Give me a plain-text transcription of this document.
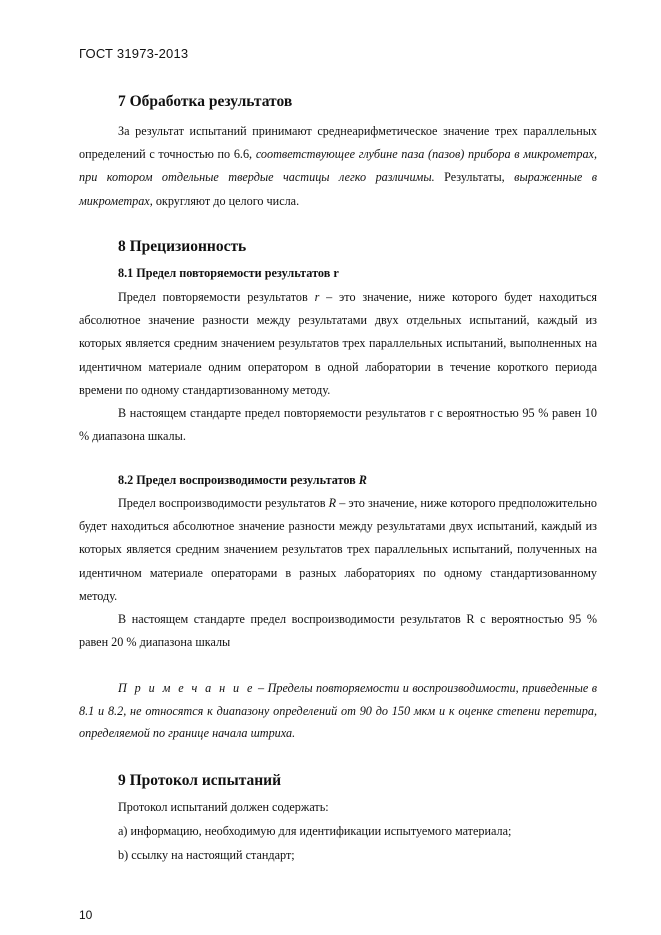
ГОСТ 31973-2013
7 Обработка результатов

За результат испытаний принимают среднеарифметическое значение трех параллельных определений с точностью по 6.6, соответствующее глубине паза (пазов) прибора в микрометрах, при котором отдельные твердые частицы легко различимы. Результаты, выраженные в микрометрах, округляют до целого числа.

8 Прецизионность
8.1 Предел повторяемости результатов r

Предел повторяемости результатов r – это значение, ниже которого будет находиться абсолютное значение разности между результатами двух отдельных испытаний, каждый из которых является средним значением результатов трех параллельных испытаний, выполненных на идентичном материале одним оператором в одной лаборатории в течение короткого периода времени по одному стандартизованному методу.

В настоящем стандарте предел повторяемости результатов r с вероятностью 95 % равен 10 % диапазона шкалы.

8.2 Предел воспроизводимости результатов R

Предел воспроизводимости результатов R – это значение, ниже которого предположительно будет находиться абсолютное значение разности между результатами двух испытаний, каждый из которых является средним значением результатов трех параллельных испытаний, полученных на идентичном материале операторами в разных лабораториях по одному стандартизованному методу.

В настоящем стандарте предел воспроизводимости результатов R с вероятностью 95 % равен 20 % диапазона шкалы

П р и м е ч а н и е – Пределы повторяемости и воспроизводимости, приведенные в 8.1 и 8.2, не относятся к диапазону определений от 90 до 150 мкм и к оценке степени перетира, определяемой по границе начала штриха.

9 Протокол испытаний
Протокол испытаний должен содержать:
a) информацию, необходимую для идентификации испытуемого материала;
b) ссылку на настоящий стандарт;
10
